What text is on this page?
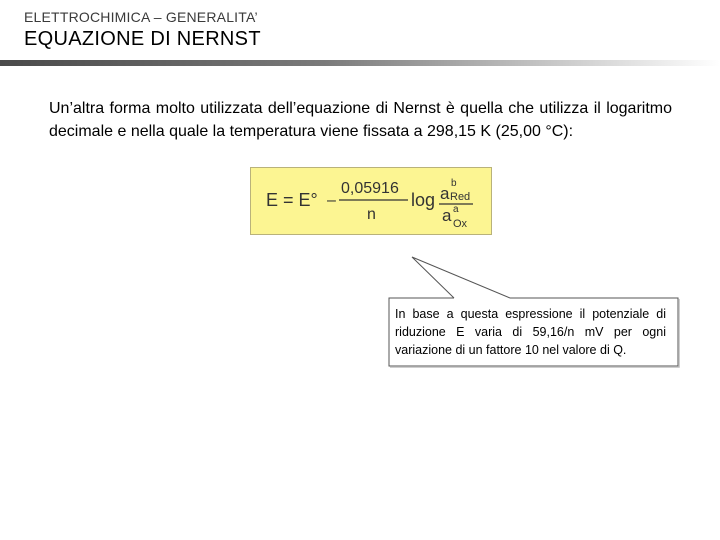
ELETTROCHIMICA – GENERALITA’
EQUAZIONE DI NERNST

Un’altra forma molto utilizzata dell’equazione di Nernst è quella che utilizza il logaritmo decimale e nella quale la temperatura viene fissata a 298,15 K (25,00 °C):

E = E° –
0,05916
n
log a
b
Red
a a
Ox

In base a questa espressione il potenziale di riduzione E varia di 59,16/n mV per ogni variazione di un fattore 10 nel valore di Q.
